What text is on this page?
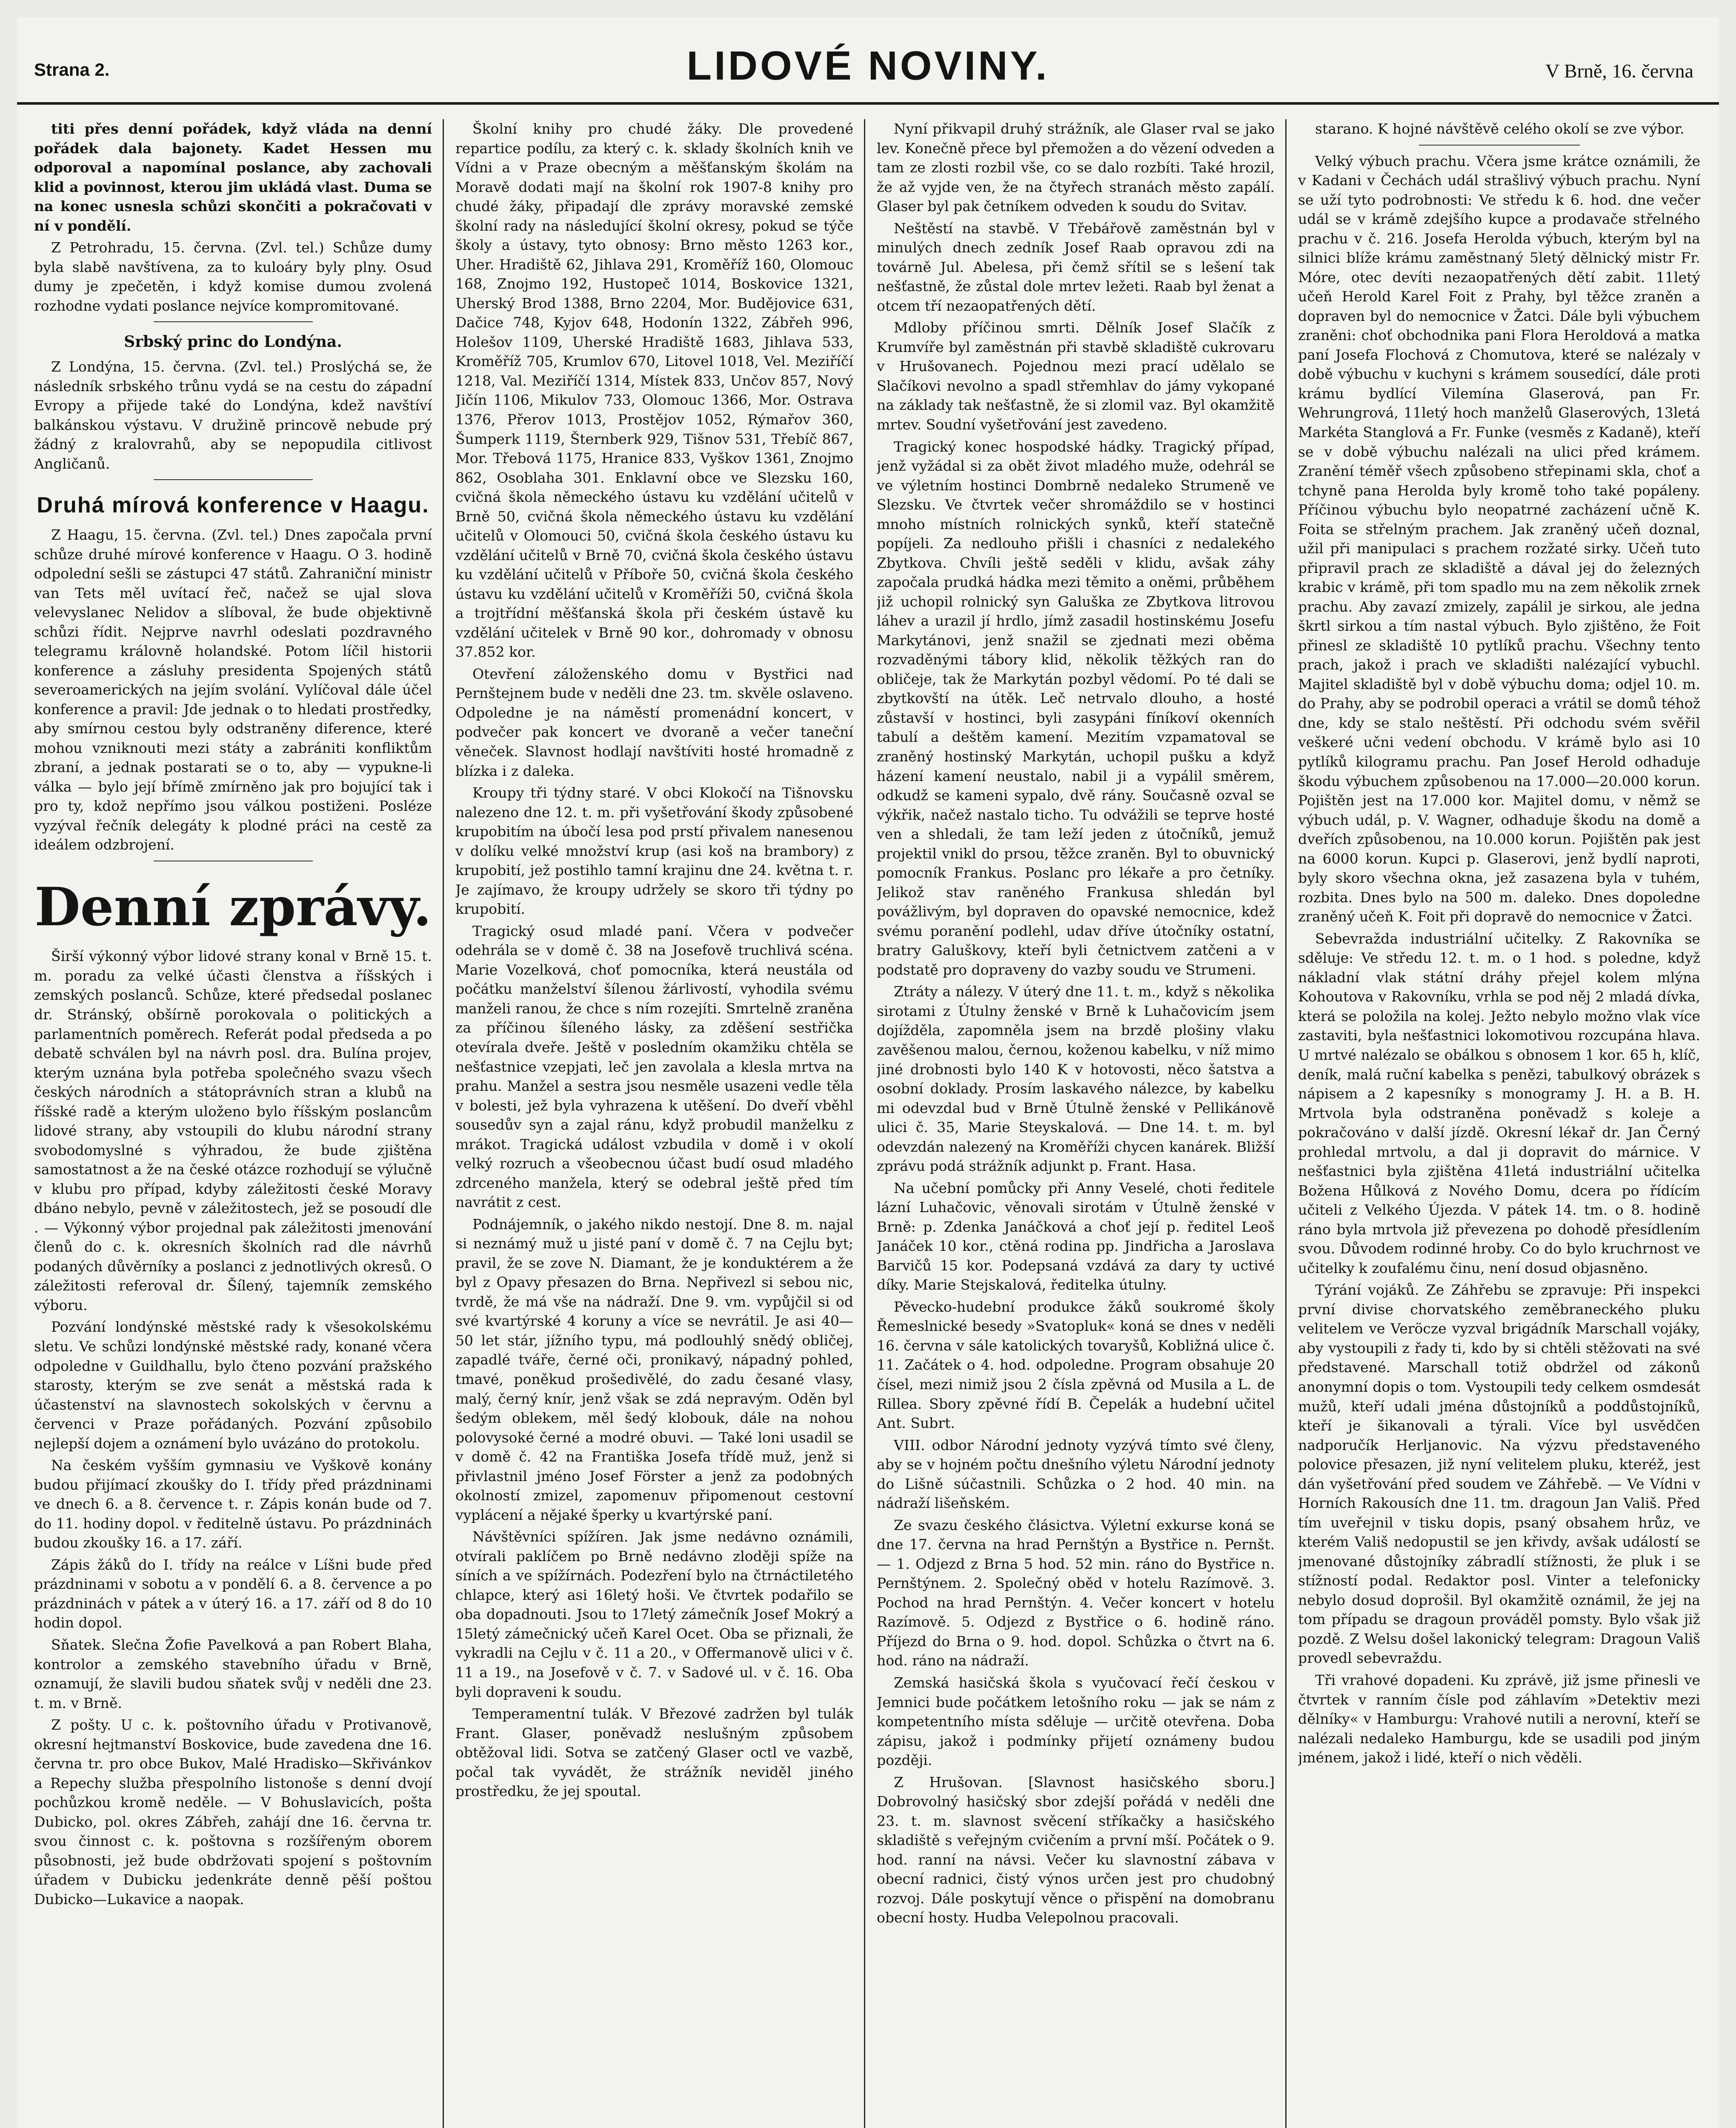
Strana 2.	LIDOVÉ NOVINY.	V Brně, 16. června

titi přes denní pořádek, když vláda na denní pořádek dala bajonety. Kadet Hessen mu odporoval a napomínal poslance, aby zachovali klid a povinnost, kterou jim ukládá vlast. Duma se na konec usnesla schůzi skončiti a pokračovati v ní v pondělí.

Z Petrohradu, 15. června. (Zvl. tel.) Schůze dumy byla slabě navštívena, za to kuloáry byly plny. Osud dumy je zpečetěn, i když komise dumou zvolená rozhodne vydati poslance nejvíce kompromitované.

Srbský princ do Londýna.

Z Londýna, 15. června. (Zvl. tel.) Proslýchá se, že následník srbského trůnu vydá se na cestu do západní Evropy a přijede také do Londýna, kdež navštíví balkánskou výstavu. V družině princově nebude prý žádný z kralovrahů, aby se nepopudila citlivost Angličanů.

Druhá mírová konference v Haagu.

Z Haagu, 15. června. (Zvl. tel.) Dnes započala první schůze druhé mírové konference v Haagu. O 3. hodině odpolední sešli se zástupci 47 států. Zahraniční ministr van Tets měl uvítací řeč, načež se ujal slova velevyslanec Nelidov a slíboval, že bude objektivně schůzi řídit. Nejprve navrhl odeslati pozdravného telegramu královně holandské. Potom líčil historii konference a zásluhy presidenta Spojených států severoamerických na jejím svolání. Vylíčoval dále účel konference a pravil: Jde jednak o to hledati prostředky, aby smírnou cestou byly odstraněny diference, které mohou vzniknouti mezi státy a zabrániti konfliktům zbraní, a jednak postarati se o to, aby — vypukne-li válka — bylo její břímě zmírněno jak pro bojující tak i pro ty, kdož nepřímo jsou válkou postiženi. Posléze vyzýval řečník delegáty k plodné práci na cestě za ideálem odzbrojení.

Denní zprávy.

Širší výkonný výbor lidové strany konal v Brně 15. t. m. poradu za velké účasti členstva a říšských i zemských poslanců. Schůze, které předsedal poslanec dr. Stránský, obšírně porokovala o politických a parlamentních poměrech. Referát podal předseda a po debatě schválen byl na návrh posl. dra. Bulína projev, kterým uznána byla potřeba společného svazu všech českých národních a státoprávních stran a klubů na říšské radě a kterým uloženo bylo říšským poslancům lidové strany, aby vstoupili do klubu národní strany svobodomyslné s výhradou, že bude zjištěna samostatnost a že na české otázce rozhodují se výlučně v klubu pro případ, kdyby záležitosti české Moravy dbáno nebylo, pevně v záležitostech, jež se posoudí dle . — Výkonný výbor projednal pak záležitosti jmenování členů do c. k. okresních školních rad dle návrhů podaných důvěrníky a poslanci z jednotlivých okresů. O záležitosti referoval dr. Šílený, tajemník zemského výboru.

Pozvání londýnské městské rady k všesokolskému sletu. Ve schůzi londýnské městské rady, konané včera odpoledne v Guildhallu, bylo čteno pozvání pražského starosty, kterým se zve senát a městská rada k účastenství na slavnostech sokolských v červnu a červenci v Praze pořádaných. Pozvání způsobilo nejlepší dojem a oznámení bylo uvázáno do protokolu.

Na českém vyšším gymnasiu ve Vyškově konány budou přijímací zkoušky do I. třídy před prázdninami ve dnech 6. a 8. července t. r. Zápis konán bude od 7. do 11. hodiny dopol. v ředitelně ústavu. Po prázdninách budou zkoušky 16. a 17. září.

Zápis žáků do I. třídy na reálce v Líšni bude před prázdninami v sobotu a v pondělí 6. a 8. července a po prázdninách v pátek a v úterý 16. a 17. září od 8 do 10 hodin dopol.

Sňatek. Slečna Žofie Pavelková a pan Robert Blaha, kontrolor a zemského stavebního úřadu v Brně, oznamují, že slavili budou sňatek svůj v neděli dne 23. t. m. v Brně.

Z pošty. U c. k. poštovního úřadu v Protivanově, okresní hejtmanství Boskovice, bude zavedena dne 16. června tr. pro obce Bukov, Malé Hradisko—Skřivánkov a Repechy služba přespolního listonoše s denní dvojí pochůzkou kromě neděle. — V Bohuslavicích, pošta Dubicko, pol. okres Zábřeh, zahájí dne 16. června tr. svou činnost c. k. poštovna s rozšířeným oborem působnosti, jež bude obdržovati spojení s poštovním úřadem v Dubicku jedenkráte denně pěší poštou Dubicko—Lukavice a naopak.

Školní knihy pro chudé žáky. Dle provedené repartice podílu, za který c. k. sklady školních knih ve Vídni a v Praze obecným a měšťanským školám na Moravě dodati mají na školní rok 1907-8 knihy pro chudé žáky, připadají dle zprávy moravské zemské školní rady na následující školní okresy, pokud se týče školy a ústavy, tyto obnosy: Brno město 1263 kor., Uher. Hradiště 62, Jihlava 291, Kroměříž 160, Olomouc 168, Znojmo 192, Hustopeč 1014, Boskovice 1321, Uherský Brod 1388, Brno 2204, Mor. Budějovice 631, Dačice 748, Kyjov 648, Hodonín 1322, Zábřeh 996, Holešov 1109, Uherské Hradiště 1683, Jihlava 533, Kroměříž 705, Krumlov 670, Litovel 1018, Vel. Meziříčí 1218, Val. Meziříčí 1314, Místek 833, Unčov 857, Nový Jičín 1106, Mikulov 733, Olomouc 1366, Mor. Ostrava 1376, Přerov 1013, Prostějov 1052, Rýmařov 360, Šumperk 1119, Šternberk 929, Tišnov 531, Třebíč 867, Mor. Třebová 1175, Hranice 833, Vyškov 1361, Znojmo 862, Osoblaha 301. Enklavní obce ve Slezsku 160, cvičná škola německého ústavu ku vzdělání učitelů v Brně 50, cvičná škola německého ústavu ku vzdělání učitelů v Olomouci 50, cvičná škola českého ústavu ku vzdělání učitelů v Brně 70, cvičná škola českého ústavu ku vzdělání učitelů v Příboře 50, cvičná škola českého ústavu ku vzdělání učitelů v Kroměříži 50, cvičná škola a trojtřídní měšťanská škola při českém ústavě ku vzdělání učitelek v Brně 90 kor., dohromady v obnosu 37.852 kor.

Otevření záloženského domu v Bystřici nad Pernštejnem bude v neděli dne 23. tm. skvěle oslaveno. Odpoledne je na náměstí promenádní koncert, v podvečer pak koncert ve dvoraně a večer taneční věneček. Slavnost hodlají navštíviti hosté hromadně z blízka i z daleka.

Kroupy tři týdny staré. V obci Klokočí na Tišnovsku nalezeno dne 12. t. m. při vyšetřování škody způsobené krupobitím na úbočí lesa pod prstí přivalem nanesenou v dolíku velké množství krup (asi koš na brambory) z krupobití, jež postihlo tamní krajinu dne 24. května t. r. Je zajímavo, že kroupy udržely se skoro tři týdny po krupobití.

Tragický osud mladé paní. Včera v podvečer odehrála se v domě č. 38 na Josefově truchlivá scéna. Marie Vozelková, choť pomocníka, která neustála od počátku manželství šílenou žárlivostí, vyhodila svému manželi ranou, že chce s ním rozejíti. Smrtelně zraněna za příčinou šíleného lásky, za zděšení sestřička otevírala dveře. Ještě v posledním okamžiku chtěla se nešťastnice vzepjati, leč jen zavolala a klesla mrtva na prahu. Manžel a sestra jsou nesměle usazeni vedle těla v bolesti, jež byla vyhrazena k utěšení. Do dveří vběhl sousedův syn a zajal ránu, když probudil manželku z mrákot. Tragická událost vzbudila v domě i v okolí velký rozruch a všeobecnou účast budí osud mladého zdrceného manžela, který se odebral ještě před tím navrátit z cest.

Podnájemník, o jakého nikdo nestojí. Dne 8. m. najal si neznámý muž u jisté paní v domě č. 7 na Cejlu byt; pravil, že se zove N. Diamant, že je konduktérem a že byl z Opavy přesazen do Brna. Nepřivezl si sebou nic, tvrdě, že má vše na nádraží. Dne 9. vm. vypůjčil si od své kvartýrské 4 koruny a více se nevrátil. Je asi 40—50 let stár, jížního typu, má podlouhlý snědý obličej, zapadlé tváře, černé oči, pronikavý, nápadný pohled, tmavé, poněkud prošedivělé, do zadu česané vlasy, malý, černý knír, jenž však se zdá nepravým. Oděn byl šedým oblekem, měl šedý klobouk, dále na nohou polovysoké černé a modré obuvi. — Také loni usadil se v domě č. 42 na Františka Josefa třídě muž, jenž si přivlastnil jméno Josef Förster a jenž za podobných okolností zmizel, zapomenuv připomenout cestovní vyplácení a nějaké šperky u kvartýrské paní.

Návštěvníci spížíren. Jak jsme nedávno oznámili, otvírali paklíčem po Brně nedávno zloději spíže na síních a ve spížírnách. Podezření bylo na čtrnáctiletého chlapce, který asi 16letý hoši. Ve čtvrtek podařilo se oba dopadnouti. Jsou to 17letý zámečník Josef Mokrý a 15letý zámečnický učeň Karel Ocet. Oba se přiznali, že vykradli na Cejlu v č. 11 a 20., v Offermanově ulici v č. 11 a 19., na Josefově v č. 7. v Sadové ul. v č. 16. Oba byli dopraveni k soudu.

Temperamentní tulák. V Březové zadržen byl tulák Frant. Glaser, poněvadž neslušným způsobem obtěžoval lidi. Sotva se zatčený Glaser octl ve vazbě, počal tak vyvádět, že strážník neviděl jiného prostředku, že jej spoutal.

Nyní přikvapil druhý strážník, ale Glaser rval se jako lev. Konečně přece byl přemožen a do vězení odveden a tam ze zlosti rozbil vše, co se dalo rozbíti. Také hrozil, že až vyjde ven, že na čtyřech stranách město zapálí. Glaser byl pak četníkem odveden k soudu do Svitav.

Neštěstí na stavbě. V Třebářově zaměstnán byl v minulých dnech zedník Josef Raab opravou zdi na továrně Jul. Abelesa, při čemž sřítil se s lešení tak nešťastně, že zůstal dole mrtev ležeti. Raab byl ženat a otcem tří nezaopatřených dětí.

Mdloby příčinou smrti. Dělník Josef Slačík z Krumvíře byl zaměstnán při stavbě skladiště cukrovaru v Hrušovanech. Pojednou mezi prací udělalo se Slačíkovi nevolno a spadl střemhlav do jámy vykopané na základy tak nešťastně, že si zlomil vaz. Byl okamžitě mrtev. Soudní vyšetřování jest zavedeno.

Tragický konec hospodské hádky. Tragický případ, jenž vyžádal si za obět život mladého muže, odehrál se ve výletním hostinci Dombrně nedaleko Strumeně ve Slezsku. Ve čtvrtek večer shromáždilo se v hostinci mnoho místních rolnických synků, kteří statečně popíjeli. Za nedlouho přišli i chasníci z nedalekého Zbytkova. Chvíli ještě seděli v klidu, avšak záhy započala prudká hádka mezi těmito a oněmi, průběhem již uchopil rolnický syn Galuška ze Zbytkova litrovou láhev a urazil jí hrdlo, jímž zasadil hostinskému Josefu Markytánovi, jenž snažil se zjednati mezi oběma rozvaděnými tábory klid, několik těžkých ran do obličeje, tak že Markytán pozbyl vědomí. Po té dali se zbytkovští na útěk. Leč netrvalo dlouho, a hosté zůstavší v hostinci, byli zasypáni fíníkoví okenních tabulí a deštěm kamení. Mezitím vzpamatoval se zraněný hostinský Markytán, uchopil pušku a když házení kamení neustalo, nabil ji a vypálil směrem, odkudž se kameni sypalo, dvě rány. Současně ozval se výkřik, načež nastalo ticho. Tu odvážili se teprve hosté ven a shledali, že tam leží jeden z útočníků, jemuž projektil vnikl do prsou, těžce zraněn. Byl to obuvnický pomocník Frankus. Poslanc pro lékaře a pro četníky. Jelikož stav raněného Frankusa shledán byl povážlivým, byl dopraven do opavské nemocnice, kdež svému poranění podlehl, udav dříve útočníky ostatní, bratry Galuškovy, kteří byli četnictvem zatčeni a v podstatě pro dopraveny do vazby soudu ve Strumeni.

Ztráty a nálezy. V úterý dne 11. t. m., když s několika sirotami z Útulny ženské v Brně k Luhačovicím jsem dojížděla, zapomněla jsem na brzdě plošiny vlaku zavěšenou malou, černou, koženou kabelku, v níž mimo jiné drobnosti bylo 140 K v hotovosti, něco šatstva a osobní doklady. Prosím laskavého nálezce, by kabelku mi odevzdal bud v Brně Útulně ženské v Pellikánově ulici č. 35, Marie Steyskalová. — Dne 14. t. m. byl odevzdán nalezený na Kroměříži chycen kanárek. Bližší zprávu podá strážník adjunkt p. Frant. Hasa.

Na učební pomůcky při Anny Veselé, choti ředitele lázní Luhačovic, věnovali sirotám v Útulně ženské v Brně: p. Zdenka Janáčková a choť její p. ředitel Leoš Janáček 10 kor., ctěná rodina pp. Jindřicha a Jaroslava Barvičů 15 kor. Podepsaná vzdává za dary ty uctivé díky. Marie Stejskalová, ředitelka útulny.

Pěvecko-hudební produkce žáků soukromé školy Řemeslnické besedy »Svatopluk« koná se dnes v neděli 16. června v sále katolických tovaryšů, Kobližná ulice č. 11. Začátek o 4. hod. odpoledne. Program obsahuje 20 čísel, mezi nimiž jsou 2 čísla zpěvná od Musila a L. de Rillea. Sbory zpěvné řídí B. Čepelák a hudební učitel Ant. Subrt.

VIII. odbor Národní jednoty vyzývá tímto své členy, aby se v hojném počtu dnešního výletu Národní jednoty do Lišně súčastnili. Schůzka o 2 hod. 40 min. na nádraží lišeňském.

Ze svazu českého člásictva. Výletní exkurse koná se dne 17. června na hrad Pernštýn a Bystřice n. Pernšt. — 1. Odjezd z Brna 5 hod. 52 min. ráno do Bystřice n. Pernštýnem. 2. Společný oběd v hotelu Razímově. 3. Pochod na hrad Pernštýn. 4. Večer koncert v hotelu Razímově. 5. Odjezd z Bystřice o 6. hodině ráno. Příjezd do Brna o 9. hod. dopol. Schůzka o čtvrt na 6. hod. ráno na nádraží.

Zemská hasičská škola s vyučovací řečí českou v Jemnici bude počátkem letošního roku — jak se nám z kompetentního místa sděluje — určitě otevřena. Doba zápisu, jakož i podmínky přijetí oznámeny budou později.

Z Hrušovan. [Slavnost hasičského sboru.] Dobrovolný hasičský sbor zdejší pořádá v neděli dne 23. t. m. slavnost svěcení stříkačky a hasičského skladiště s veřejným cvičením a první mší. Počátek o 9. hod. ranní na návsi. Večer ku slavnostní zábava v obecní radnici, čistý výnos určen jest pro chudobný rozvoj. Dále poskytují věnce o přispění na domobranu obecní hosty. Hudba Velepolnou pracovali.

starano. K hojné návštěvě celého okolí se zve výbor.

Velký výbuch prachu. Včera jsme krátce oznámili, že v Kadani v Čechách udál strašlivý výbuch prachu. Nyní se uží tyto podrobnosti: Ve středu k 6. hod. dne večer udál se v krámě zdejšího kupce a prodavače střelného prachu v č. 216. Josefa Herolda výbuch, kterým byl na silnici blíže krámu zaměstnaný 5letý dělnický mistr Fr. Móre, otec devíti nezaopatřených dětí zabit. 11letý učeň Herold Karel Foit z Prahy, byl těžce zraněn a dopraven byl do nemocnice v Žatci. Dále byli výbuchem zraněni: choť obchodnika pani Flora Heroldová a matka paní Josefa Flochová z Chomutova, které se nalézaly v době výbuchu v kuchyni s krámem sousedící, dále proti krámu bydlící Vilemína Glaserová, pan Fr. Wehrungrová, 11letý hoch manželů Glaserových, 13letá Markéta Stanglová a Fr. Funke (vesměs z Kadaně), kteří se v době výbuchu nalézali na ulici před krámem. Zranění téměř všech způsobeno střepinami skla, choť a tchyně pana Herolda byly kromě toho také popáleny. Příčinou výbuchu bylo neopatrné zacházení učně K. Foita se střelným prachem. Jak zraněný učeň doznal, užil při manipulaci s prachem rozžaté sirky. Učeň tuto připravil prach ze skladiště a dával jej do železných krabic v krámě, při tom spadlo mu na zem několik zrnek prachu. Aby zavazí zmizely, zapálil je sirkou, ale jedna škrtl sirkou a tím nastal výbuch. Bylo zjištěno, že Foit přinesl ze skladiště 10 pytlíků prachu. Všechny tento prach, jakož i prach ve skladišti nalézající vybuchl. Majitel skladiště byl v době výbuchu doma; odjel 10. m. do Prahy, aby se podrobil operaci a vrátil se domů téhož dne, kdy se stalo neštěstí. Při odchodu svém svěřil veškeré učni vedení obchodu. V krámě bylo asi 10 pytlíků kilogramu prachu. Pan Josef Herold odhaduje škodu výbuchem způsobenou na 17.000—20.000 korun. Pojištěn jest na 17.000 kor. Majitel domu, v němž se výbuch udál, p. V. Wagner, odhaduje škodu na domě a dveřích způsobenou, na 10.000 korun. Pojištěn pak jest na 6000 korun. Kupci p. Glaserovi, jenž bydlí naproti, byly skoro všechna okna, jež zasazena byla v tuhém, rozbita. Dnes bylo na 500 m. daleko. Dnes dopoledne zraněný učeň K. Foit při dopravě do nemocnice v Žatci.

Sebevražda industriální učitelky. Z Rakovníka se sděluje: Ve středu 12. t. m. o 1 hod. s poledne, když nákladní vlak státní dráhy přejel kolem mlýna Kohoutova v Rakovníku, vrhla se pod něj 2 mladá dívka, která se položila na kolej. Ježto nebylo možno vlak více zastaviti, byla nešťastnici lokomotivou rozcupána hlava. U mrtvé nalézalo se obálkou s obnosem 1 kor. 65 h, klíč, deník, malá ruční kabelka s penězi, tabulkový obrázek s nápisem a 2 kapesníky s monogramy J. H. a B. H. Mrtvola byla odstraněna poněvadž s koleje a pokračováno v další jízdě. Okresní lékař dr. Jan Černý prohledal mrtvolu, a dal ji dopravit do márnice. V nešťastnici byla zjištěna 41letá industriální učitelka Božena Hůlková z Nového Domu, dcera po řídícím učiteli z Velkého Újezda. V pátek 14. tm. o 8. hodině ráno byla mrtvola již převezena po dohodě přesídlením svou. Důvodem rodinné hroby. Co do bylo kruchrnost ve učitelky k zoufalému činu, není dosud objasněno.

Týrání vojáků. Ze Záhřebu se zpravuje: Při inspekci první divise chorvatského zeměbraneckého pluku velitelem ve Veröcze vyzval brigádník Marschall vojáky, aby vystoupili z řady ti, kdo by si chtěli stěžovati na své představené. Marschall totiž obdržel od zákonů anonymní dopis o tom. Vystoupili tedy celkem osmdesát mužů, kteří udali jména důstojníků a poddůstojníků, kteří je šikanovali a týrali. Více byl usvědčen nadporučík Herljanovic. Na výzvu představeného polovice přesazen, již nyní velitelem pluku, kteréž, jest dán vyšetřování před soudem ve Záhřebě. — Ve Vídni v Horních Rakousích dne 11. tm. dragoun Jan Vališ. Před tím uveřejnil v tisku dopis, psaný obsahem hrůz, ve kterém Vališ nedopustil se jen křivdy, avšak událostí se jmenované důstojníky zábradlí stížnosti, že pluk i se stížností podal. Redaktor posl. Vinter a telefonicky nebylo dosud doprošil. Byl okamžitě oznámil, že jej na tom případu se dragoun prováděl pomsty. Bylo však již pozdě. Z Welsu došel lakonický telegram: Dragoun Vališ provedl sebevraždu.

Tři vrahové dopadeni. Ku zprávě, již jsme přinesli ve čtvrtek v ranním čísle pod záhlavím »Detektiv mezi dělníky« v Hamburgu: Vrahové nutili a nerovní, kteří se nalézali nedaleko Hamburgu, kde se usadili pod jiným jménem, jakož i lidé, kteří o nich věděli.
